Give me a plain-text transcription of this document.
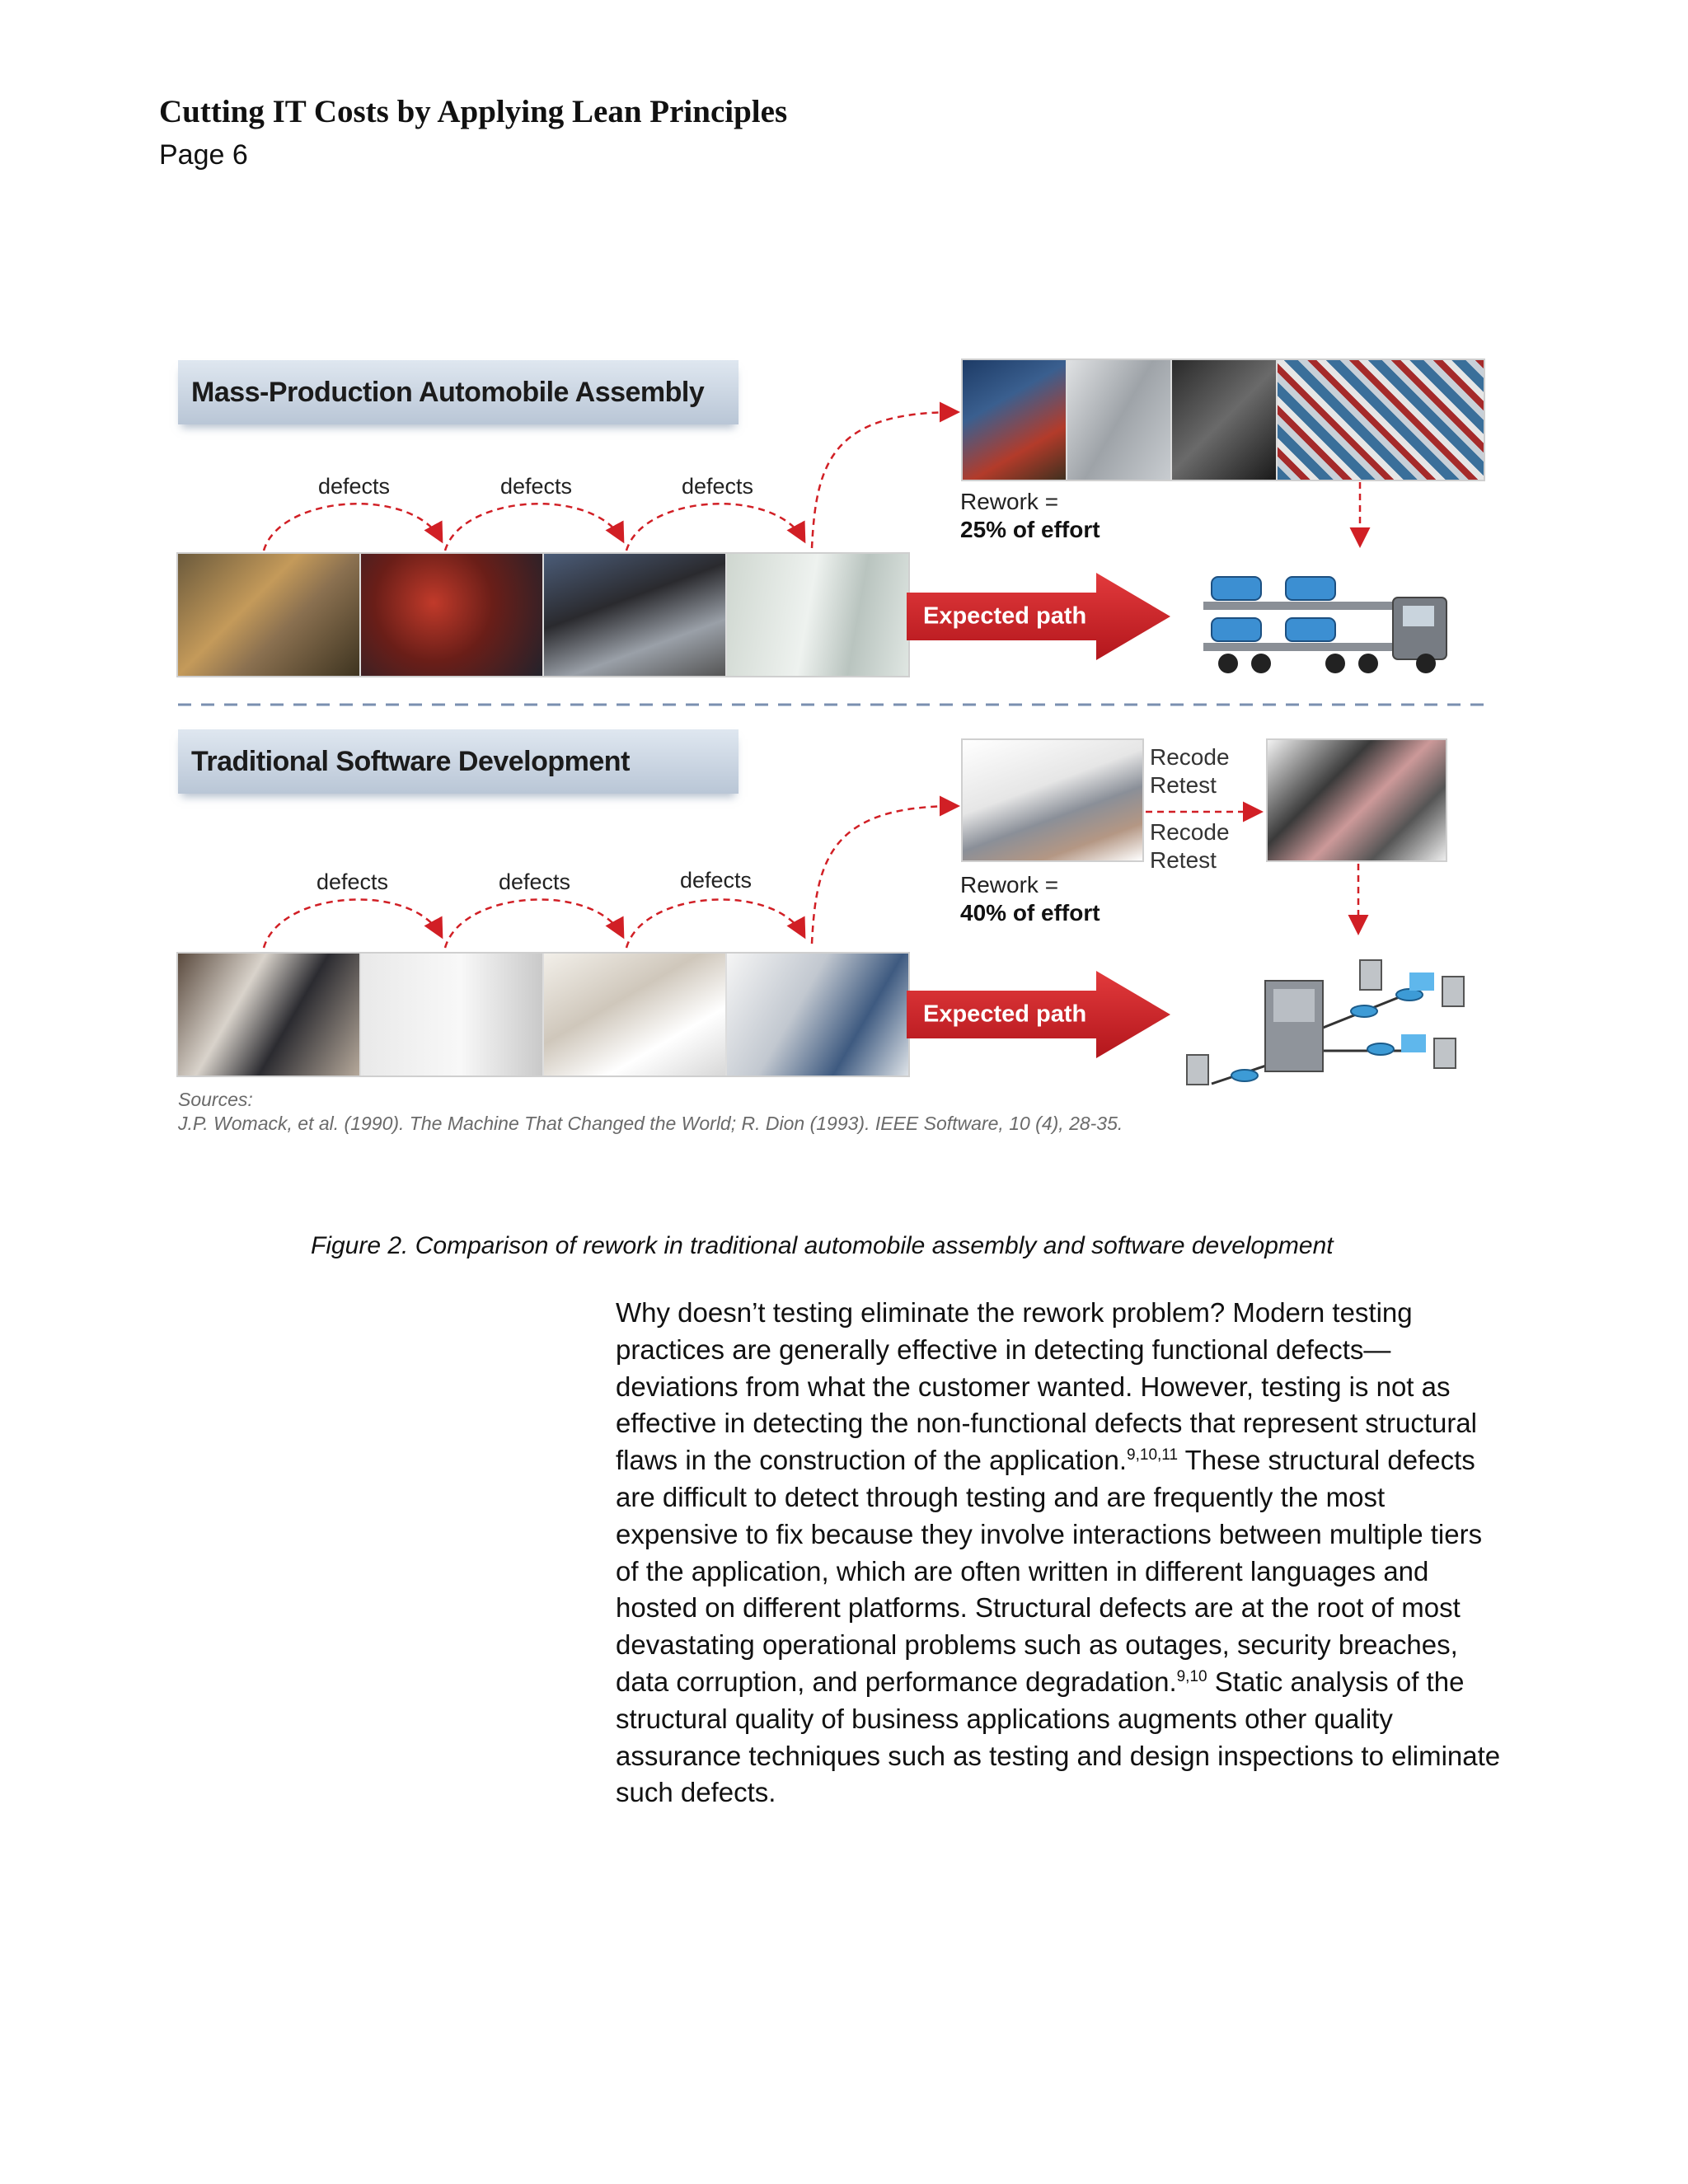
Cutting IT Costs by Applying Lean Principles
Page 6
Mass-Production Automobile Assembly
defects	defects	defects
Expected path
Rework =
25% of effort
Traditional Software Development
defects	defects	defects
Expected path
Recode
Retest
Recode
Retest
Rework =
40% of effort
Sources:
J.P. Womack, et al. (1990). The Machine That Changed the World; R. Dion (1993). IEEE Software, 10 (4), 28-35.

Figure 2. Comparison of rework in traditional automobile assembly and software development

Why doesn’t testing eliminate the rework problem? Modern testing practices are generally effective in detecting functional defects—deviations from what the customer wanted. However, testing is not as effective in detecting the non-functional defects that represent structural flaws in the construction of the application.$^{9,10,11}$ These structural defects are difficult to detect through testing and are frequently the most expensive to fix because they involve interactions between multiple tiers of the application, which are often written in different languages and hosted on different platforms. Structural defects are at the root of most devastating operational problems such as outages, security breaches, data corruption, and performance degradation.$^{9,10}$ Static analysis of the structural quality of business applications augments other quality assurance techniques such as testing and design inspections to eliminate such defects.
